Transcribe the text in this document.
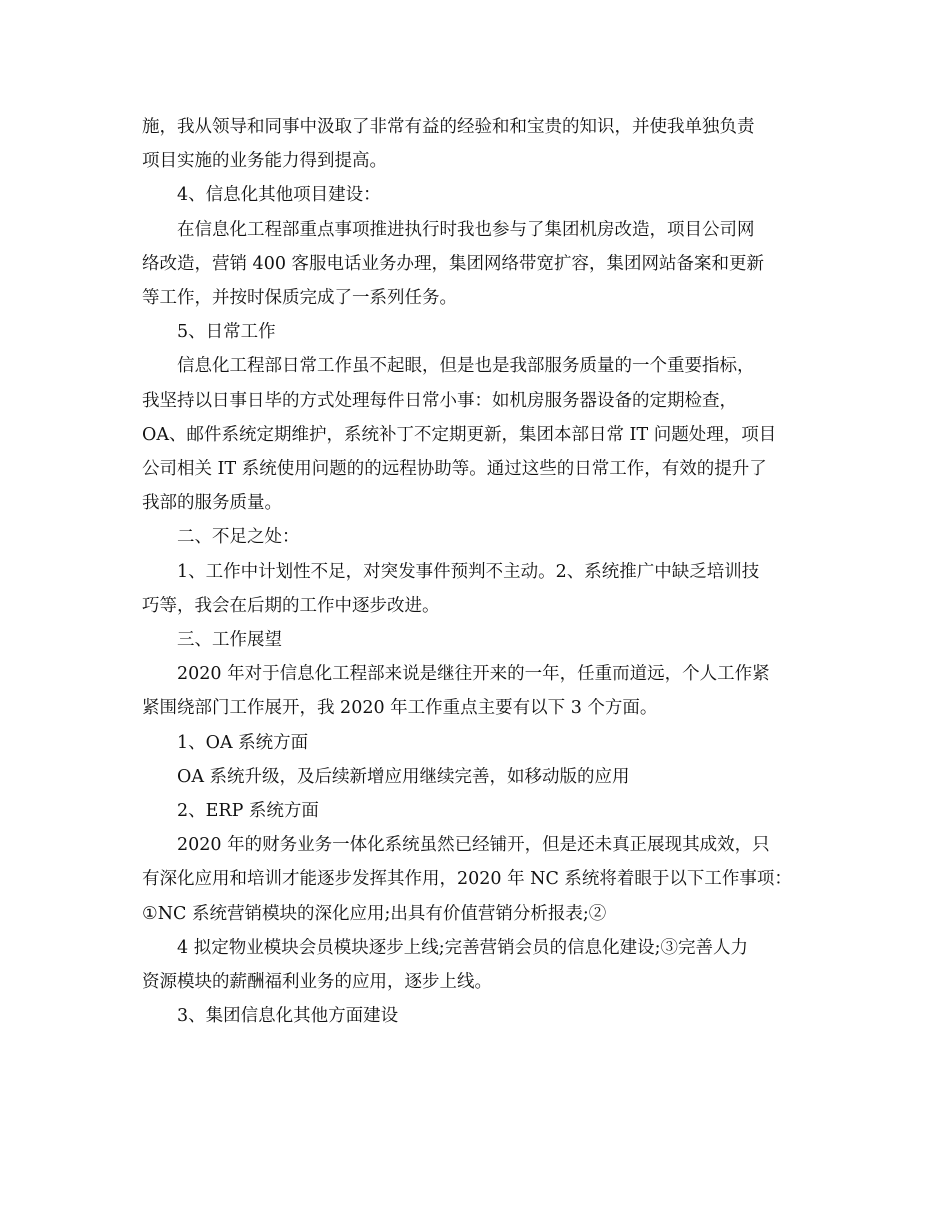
施，我从领导和同事中汲取了非常有益的经验和和宝贵的知识，并使我单独负责
项目实施的业务能力得到提高。
4、信息化其他项目建设：
在信息化工程部重点事项推进执行时我也参与了集团机房改造，项目公司网
络改造，营销 400 客服电话业务办理，集团网络带宽扩容，集团网站备案和更新
等工作，并按时保质完成了一系列任务。
5、日常工作
信息化工程部日常工作虽不起眼，但是也是我部服务质量的一个重要指标，
我坚持以日事日毕的方式处理每件日常小事：如机房服务器设备的定期检查，
OA、邮件系统定期维护，系统补丁不定期更新，集团本部日常 IT 问题处理，项目
公司相关 IT 系统使用问题的的远程协助等。通过这些的日常工作，有效的提升了
我部的服务质量。
二、不足之处：
1、工作中计划性不足，对突发事件预判不主动。2、系统推广中缺乏培训技
巧等，我会在后期的工作中逐步改进。
三、工作展望
2020 年对于信息化工程部来说是继往开来的一年，任重而道远，个人工作紧
紧围绕部门工作展开，我 2020 年工作重点主要有以下 3 个方面。
1、OA 系统方面
OA 系统升级，及后续新增应用继续完善，如移动版的应用
2、ERP 系统方面
2020 年的财务业务一体化系统虽然已经铺开，但是还未真正展现其成效，只
有深化应用和培训才能逐步发挥其作用，2020 年 NC 系统将着眼于以下工作事项：
①NC 系统营销模块的深化应用;出具有价值营销分析报表;②
4 拟定物业模块会员模块逐步上线;完善营销会员的信息化建设;③完善人力
资源模块的薪酬福利业务的应用，逐步上线。
3、集团信息化其他方面建设
